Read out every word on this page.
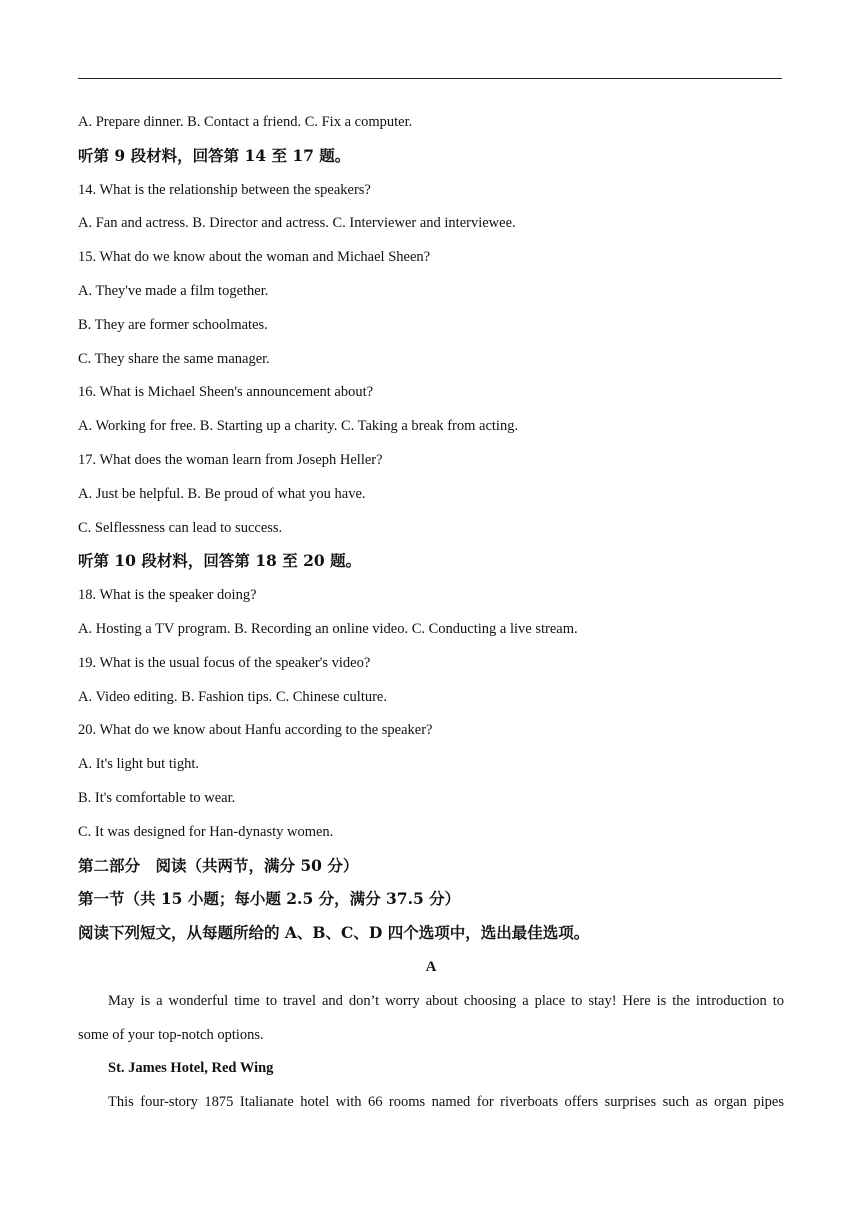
A. Prepare dinner. B. Contact a friend. C. Fix a computer.
听第 9 段材料，回答第 14 至 17 题。
14. What is the relationship between the speakers?
A. Fan and actress. B. Director and actress. C. Interviewer and interviewee.
15. What do we know about the woman and Michael Sheen?
A. They've made a film together.
B. They are former schoolmates.
C. They share the same manager.
16. What is Michael Sheen's announcement about?
A. Working for free. B. Starting up a charity. C. Taking a break from acting.
17. What does the woman learn from Joseph Heller?
A. Just be helpful. B. Be proud of what you have.
C. Selflessness can lead to success.
听第 10 段材料，回答第 18 至 20 题。
18. What is the speaker doing?
A. Hosting a TV program. B. Recording an online video. C. Conducting a live stream.
19. What is the usual focus of the speaker's video?
A. Video editing. B. Fashion tips. C. Chinese culture.
20. What do we know about Hanfu according to the speaker?
A. It's light but tight.
B. It's comfortable to wear.
C. It was designed for Han-dynasty women.
第二部分　阅读（共两节，满分 50 分）
第一节（共 15 小题；每小题 2.5 分，满分 37.5 分）
阅读下列短文，从每题所给的 A、B、C、D 四个选项中，选出最佳选项。
A
May is a wonderful time to travel and don’t worry about choosing a place to stay! Here is the introduction to
some of your top-notch options.
St. James Hotel, Red Wing
This four-story 1875 Italianate hotel with 66 rooms named for riverboats offers surprises such as organ pipes
